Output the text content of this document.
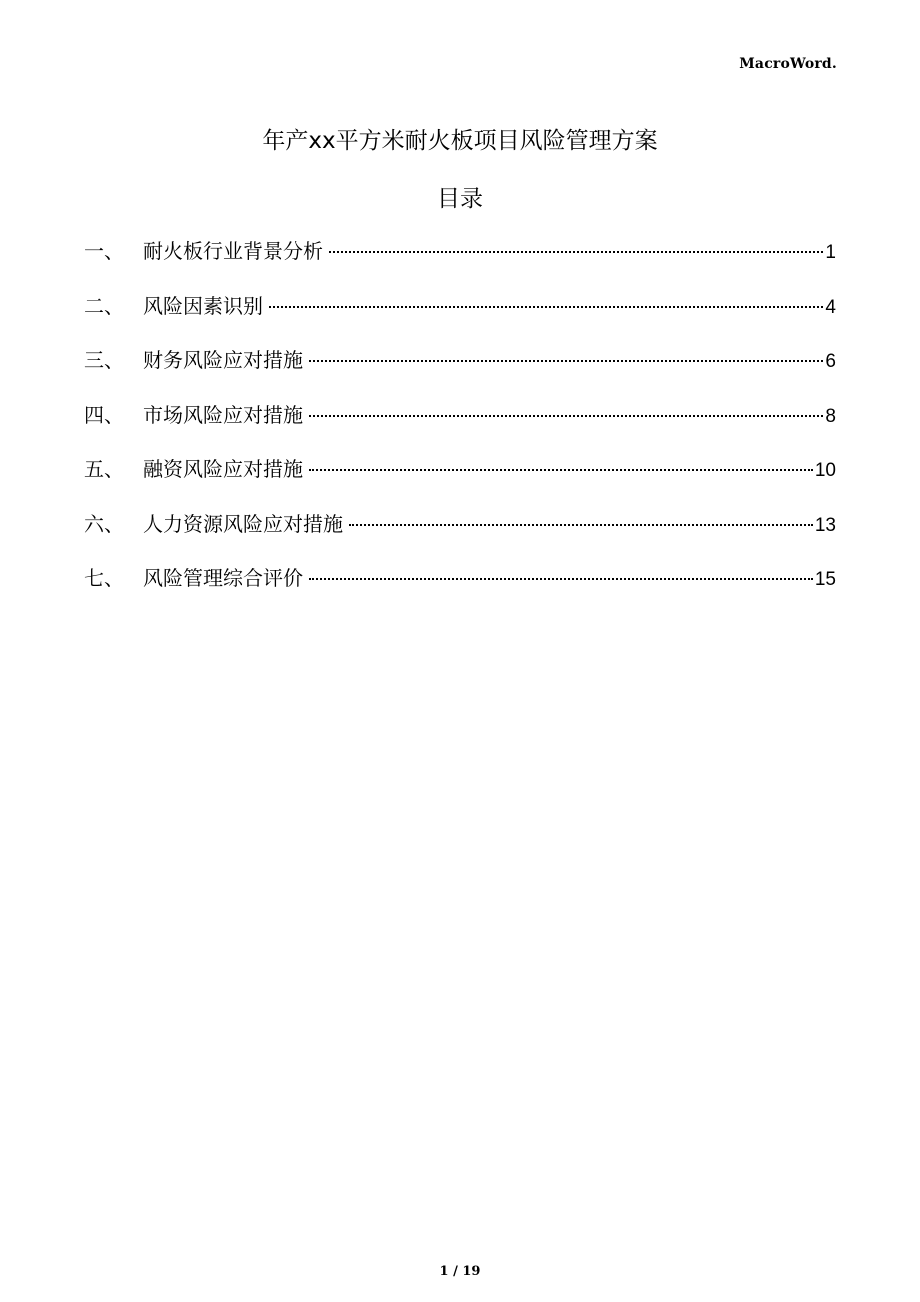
MacroWord.
年产xx平方米耐火板项目风险管理方案
目录
一、 耐火板行业背景分析	1
二、 风险因素识别	4
三、 财务风险应对措施	6
四、 市场风险应对措施	8
五、 融资风险应对措施	10
六、 人力资源风险应对措施	13
七、 风险管理综合评价	15
1 / 19
